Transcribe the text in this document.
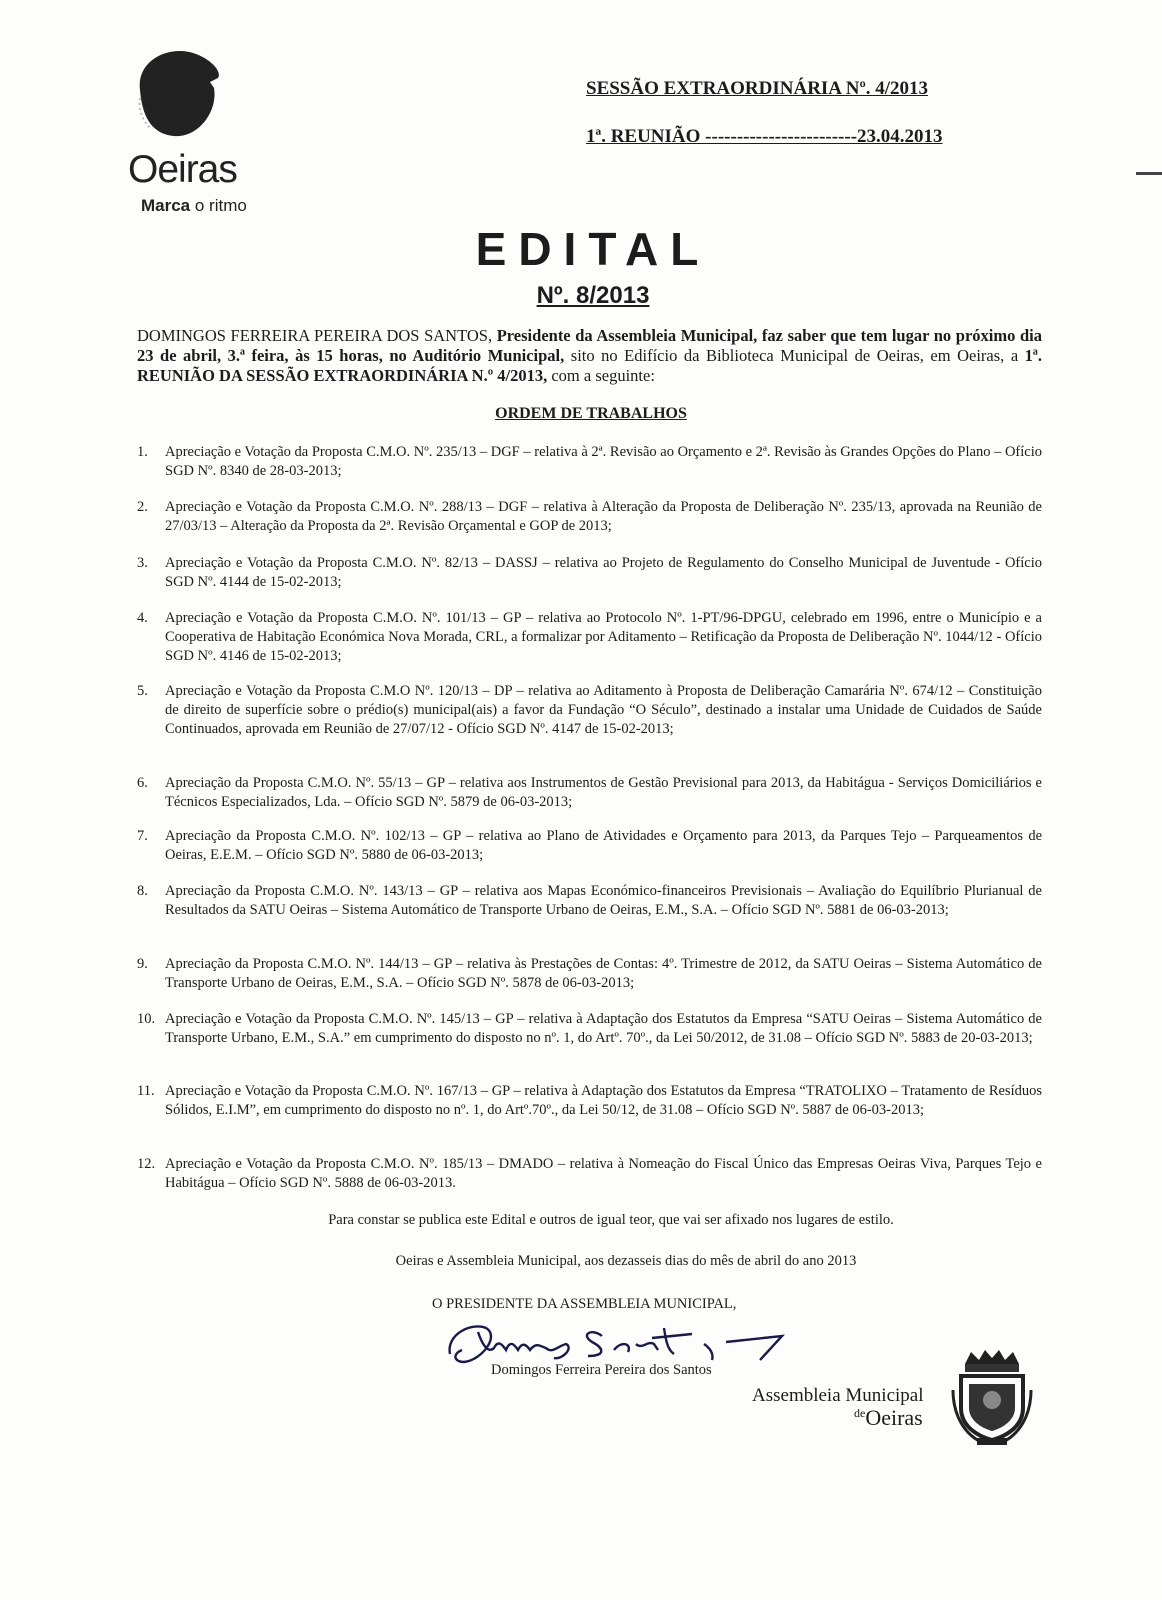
Oeiras
Marca o ritmo
SESSÃO EXTRAORDINÁRIA Nº. 4/2013
1ª. REUNIÃO ------------------------23.04.2013
EDITAL
Nº. 8/2013
DOMINGOS FERREIRA PEREIRA DOS SANTOS, Presidente da Assembleia Municipal, faz saber que tem lugar no próximo dia 23 de abril, 3.ª feira, às 15 horas, no Auditório Municipal, sito no Edifício da Biblioteca Municipal de Oeiras, em Oeiras, a 1ª. REUNIÃO DA SESSÃO EXTRAORDINÁRIA N.º 4/2013, com a seguinte:
ORDEM DE TRABALHOS
1. Apreciação e Votação da Proposta C.M.O. Nº. 235/13 – DGF – relativa à 2ª. Revisão ao Orçamento e 2ª. Revisão às Grandes Opções do Plano – Ofício SGD Nº. 8340 de 28-03-2013;
2. Apreciação e Votação da Proposta C.M.O. Nº. 288/13 – DGF – relativa à Alteração da Proposta de Deliberação Nº. 235/13, aprovada na Reunião de 27/03/13 – Alteração da Proposta da 2ª. Revisão Orçamental e GOP de 2013;
3. Apreciação e Votação da Proposta C.M.O. Nº. 82/13 – DASSJ – relativa ao Projeto de Regulamento do Conselho Municipal de Juventude - Ofício SGD Nº. 4144 de 15-02-2013;
4. Apreciação e Votação da Proposta C.M.O. Nº. 101/13 – GP – relativa ao Protocolo Nº. 1-PT/96-DPGU, celebrado em 1996, entre o Município e a Cooperativa de Habitação Económica Nova Morada, CRL, a formalizar por Aditamento – Retificação da Proposta de Deliberação Nº. 1044/12 - Ofício SGD Nº. 4146 de 15-02-2013;
5. Apreciação e Votação da Proposta C.M.O Nº. 120/13 – DP – relativa ao Aditamento à Proposta de Deliberação Camarária Nº. 674/12 – Constituição de direito de superfície sobre o prédio(s) municipal(ais) a favor da Fundação “O Século”, destinado a instalar uma Unidade de Cuidados de Saúde Continuados, aprovada em Reunião de 27/07/12 - Ofício SGD Nº. 4147 de 15-02-2013;
6. Apreciação da Proposta C.M.O. Nº. 55/13 – GP – relativa aos Instrumentos de Gestão Previsional para 2013, da Habitágua - Serviços Domiciliários e Técnicos Especializados, Lda. – Ofício SGD Nº. 5879 de 06-03-2013;
7. Apreciação da Proposta C.M.O. Nº. 102/13 – GP – relativa ao Plano de Atividades e Orçamento para 2013, da Parques Tejo – Parqueamentos de Oeiras, E.E.M. – Ofício SGD Nº. 5880 de 06-03-2013;
8. Apreciação da Proposta C.M.O. Nº. 143/13 – GP – relativa aos Mapas Económico-financeiros Previsionais – Avaliação do Equilíbrio Plurianual de Resultados da SATU Oeiras – Sistema Automático de Transporte Urbano de Oeiras, E.M., S.A. – Ofício SGD Nº. 5881 de 06-03-2013;
9. Apreciação da Proposta C.M.O. Nº. 144/13 – GP – relativa às Prestações de Contas: 4º. Trimestre de 2012, da SATU Oeiras – Sistema Automático de Transporte Urbano de Oeiras, E.M., S.A. – Ofício SGD Nº. 5878 de 06-03-2013;
10. Apreciação e Votação da Proposta C.M.O. Nº. 145/13 – GP – relativa à Adaptação dos Estatutos da Empresa “SATU Oeiras – Sistema Automático de Transporte Urbano, E.M., S.A.” em cumprimento do disposto no nº. 1, do Artº. 70º., da Lei 50/2012, de 31.08 – Ofício SGD Nº. 5883 de 20-03-2013;
11. Apreciação e Votação da Proposta C.M.O. Nº. 167/13 – GP – relativa à Adaptação dos Estatutos da Empresa “TRATOLIXO – Tratamento de Resíduos Sólidos, E.I.M”, em cumprimento do disposto no nº. 1, do Artº.70º., da Lei 50/12, de 31.08 – Ofício SGD Nº. 5887 de 06-03-2013;
12. Apreciação e Votação da Proposta C.M.O. Nº. 185/13 – DMADO – relativa à Nomeação do Fiscal Único das Empresas Oeiras Viva, Parques Tejo e Habitágua – Ofício SGD Nº. 5888 de 06-03-2013.
Para constar se publica este Edital e outros de igual teor, que vai ser afixado nos lugares de estilo.
Oeiras e Assembleia Municipal, aos dezasseis dias do mês de abril do ano 2013
O PRESIDENTE DA ASSEMBLEIA MUNICIPAL,
Domingos Ferreira Pereira dos Santos
Assembleia Municipal
$^{de}$Oeiras
